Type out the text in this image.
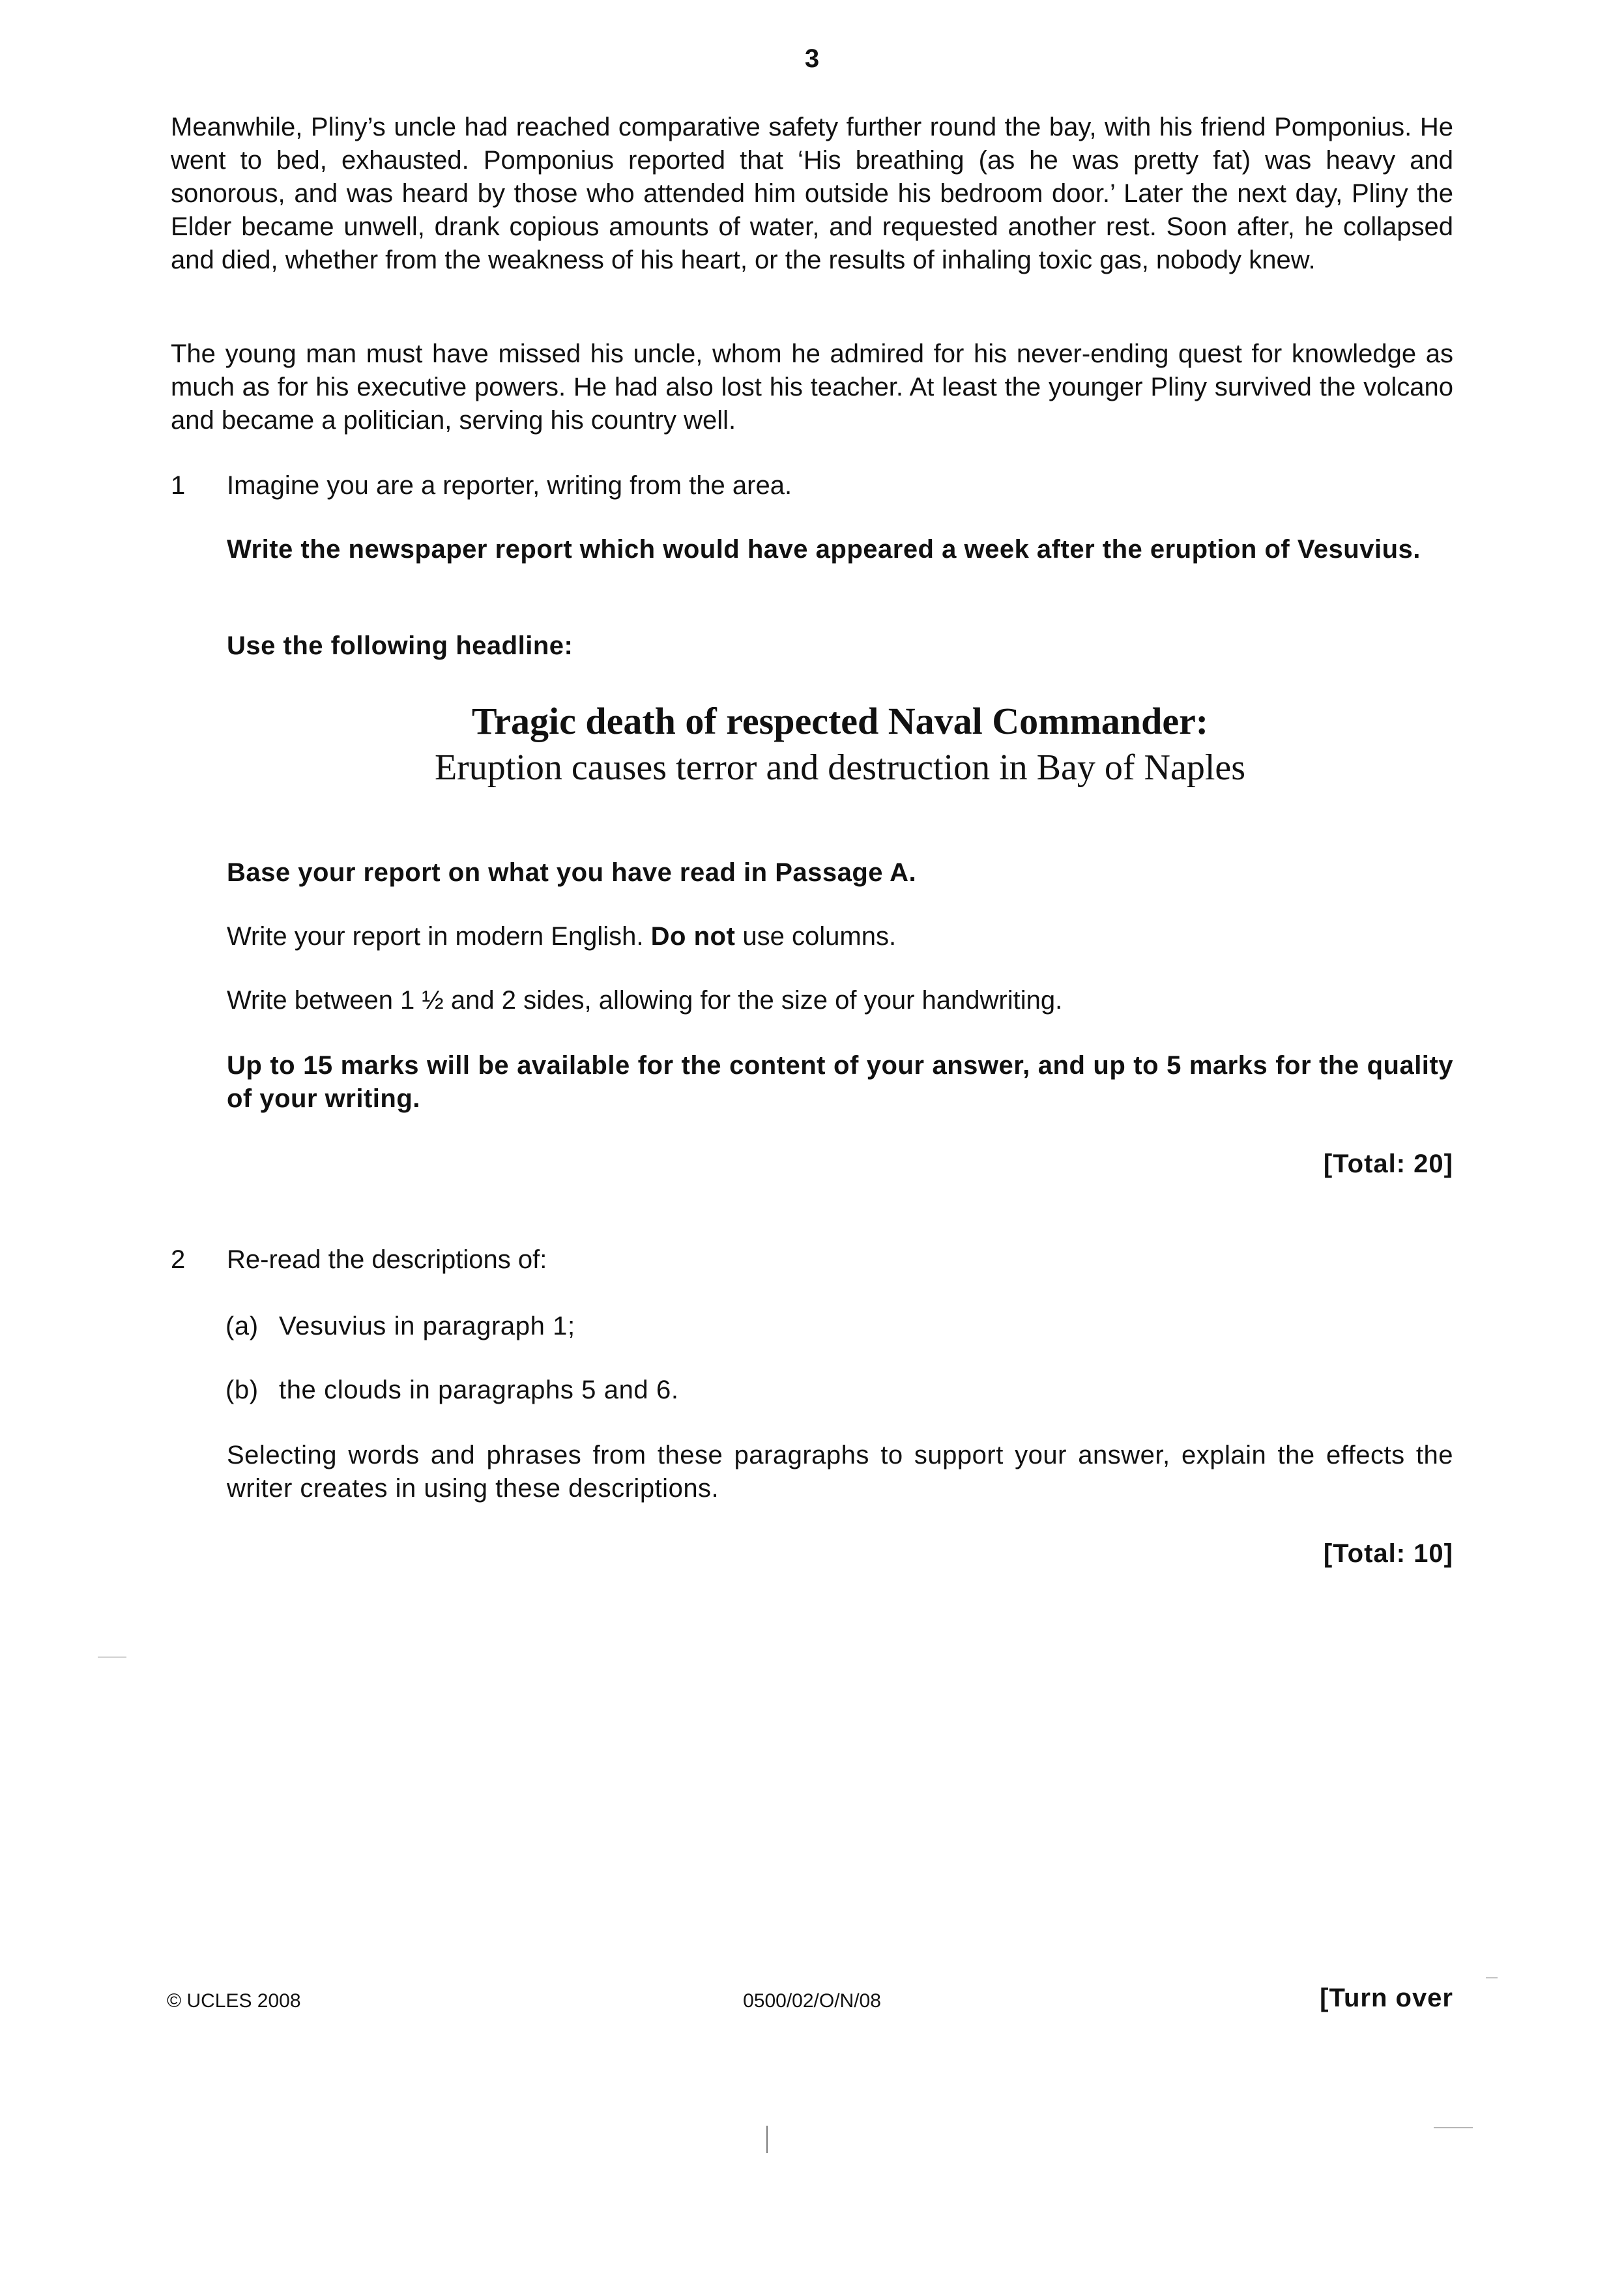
3
Meanwhile, Pliny’s uncle had reached comparative safety further round the bay, with his friend Pomponius. He went to bed, exhausted. Pomponius reported that ‘His breathing (as he was pretty fat) was heavy and sonorous, and was heard by those who attended him outside his bedroom door.’ Later the next day, Pliny the Elder became unwell, drank copious amounts of water, and requested another rest. Soon after, he collapsed and died, whether from the weakness of his heart, or the results of inhaling toxic gas, nobody knew.
The young man must have missed his uncle, whom he admired for his never-ending quest for knowledge as much as for his executive powers. He had also lost his teacher. At least the younger Pliny survived the volcano and became a politician, serving his country well.
1 Imagine you are a reporter, writing from the area.
Write the newspaper report which would have appeared a week after the eruption of Vesuvius.
Use the following headline:
Tragic death of respected Naval Commander:
Eruption causes terror and destruction in Bay of Naples
Base your report on what you have read in Passage A.
Write your report in modern English. Do not use columns.
Write between 1 ½ and 2 sides, allowing for the size of your handwriting.
Up to 15 marks will be available for the content of your answer, and up to 5 marks for the quality of your writing.
[Total: 20]
2 Re-read the descriptions of:
(a) Vesuvius in paragraph 1;
(b) the clouds in paragraphs 5 and 6.
Selecting words and phrases from these paragraphs to support your answer, explain the effects the writer creates in using these descriptions.
[Total: 10]
© UCLES 2008	0500/02/O/N/08	[Turn over
